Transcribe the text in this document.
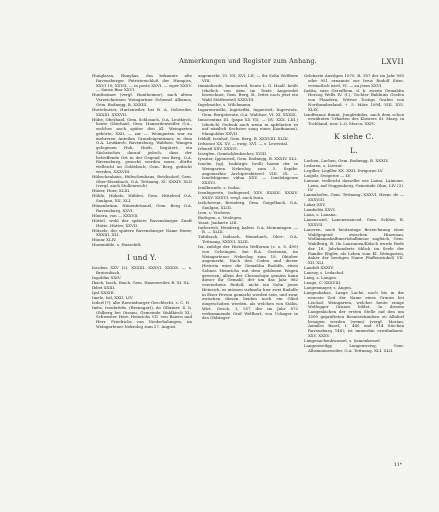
Anmerkungen und Register zum Anhang.	LXVII

Hunglassa, Hunyhas, das bekannte alte Ravensburger Patrizierschloß der Humpiss, XXVI 10; XXVII. — in poste XXVI. — siger XXXV. — Sanse Biar XXVI.

Huntheimer (vergl. Huntheimer), nach altem Verzeichnissen Weingartner Schemel Albanus, Gem. Bodnegg, B. XXXIII.

Hurtelmeier, Hurtenwiler, bei B. A. Gebweiler, XXXIII. XXXVII.

Hübe, Oberhaid, Gem. Schlosach, O.A. Leutkirch, heute Oberhaid, Gem. Hamerdenweiler O.A., welches noch später den Kl. Weingarten gehörte, XXII. — zur —. Weingarten war zu mehreren Anteilen Grundeigentümer, in dem O.A. Leutkirch, Ravensburg, Waldsee, Wangen gelegenen Hub, Hueb, begütert; ein Sächsisches darauf jedoch, dass der betreffende Ort in der Gegend von Berg, O.A. Ravensburg, gesucht werden muss, dürfte vielleicht an Goldebach, Gem. Berg, gedacht werden, XXXVIII.

Hübschenhaus, Hübschenhaus, Reichsdorf, Gem. Ober-Eisenbach, O.A. Tettnang, XI. XXXIV. XLII (vergl. auch Stollenreich).

Hüner, Huer, XLIII.

Hühle, Hühele, Hüblen, Gem. Hittelred O.A. Saulgau, XII. XLI.

Hünenbrünn, Hünenbrünnel, Gem. Berg O.A. Ravensburg, XXVI.

Hünera, von — XXXVII.

Hüttel, wohl der spätere Ravensburger Zunft Hütte, Hütter, XXVII.

Hütsele, der spätere Ravensburger Name Huter, XXXIII. XLI.

Hünnr XLIV.

Hussmüble, s. Hussehilt.

I und Y.

Iacobus XXV (2). XXXIII. XXXVI. XXXIX. — s. Brutenbach.

Ingoldus XXIV.

Ihach, Isach, Ibach, Gem. Hasenweiler, B. XI. XL.

Ibbet XXIII.

Ipsl XXXIII.

Imele, Isil, XXII. LIV.

Isdorf (?), alte Ravensburger Geschlecht, s. C. H.

Imbs, Isenbrëdis, (Brenngart), do Olbriner, 4. h. Ohlberg bei Oisnau, Gemeinde Waldkirch XI.; Schwester Herr. Heinrichs VII. von Baiern und Herr. Friedrichs von Niederhohingen, im Weingartener Nekrolog zum 27. August

angemerkt, VI. VII. XVI. LII; — ihr Sohn Welfhem VIII.

Imminherde, Immenried, heute L. G. HaalI. heißt (ehelich von dem im Texte Angeredet bezeichnet, Gem. Berg, B., leitet noch jetzt ein Wald Stätfesetel) XXXVIII.

Ingelmothe, s. Wilchmann.

Ingarenriedhi, Ingiriedbi, Ingaeried, Ingerwotz, Gem. Bergatreute, O.A. Waldsee, VI. XI. XXXIX.

Innocentius III. (papa XX VII. — (IV. XXX. LIII.) (ehelich) Gedenk auch wenn in apfelarten es auf nämlich Sechster saug eines Kaufmanns), Mangoldus XXVII.

Irbbilf, Isenhof, Gem. Berg, B. XXXVIII. XLIII.

Irdsoncz XX. XV. — ewig. XVI. — s. Lewental.

Irleneil XXV. XXXVI.

Isseglen, Gemüchlenbacher, XVIII.

Iyssitor, Ipponried, Gem. Bodnegg, B. XXXIV. XLI.

Isnelin (sg), Isnbürgis (woll) haene der in Weingarten Nekrolog zum 5. Septbr. angemerkte Archipresbiterel VIII. IX. — Isnelebigeme vidua XXV. — Isnelebigeum XXXVI.

Isnilbrunde, s. Isolas.

Isenbigeerte, Issbigeerd, XXV. XXXIII. XXXIV. XXXV. XXXVI. wegl. auch Isoia.

Iseloherent, Brenderg, Gem. Goigelbach, O.A. Saulgau, XLIII.

Iren, s. Vrebens.

Bodegon, s. Venlegen.

Yasat, Jankarte LIII.

Iurberiwh, Hemberg, kalest. O.A. Memmingen. — B. — XLIII.

Tubilsach, Isidsach, Hemebach, Ober-, O.A. Tettnang, XXXVI. XLIII.

Ita, zufolge der Historia Welforum (s. o. S. 490) von Ochsingen, bei B.A. Gestenen, im Weingartener Nekrolog zum 18. Oktober angemerkt. Nach den Codex und dieser Historia wäre die Gemahlin Rudolfs, eines Sohnes Heinrichs mit dem goldenen Wagen gewesen; allein der Chronologie gemäss kann dieser ihr Gemahl, der um das Jahr 962 verstorbene Rudolf, nicht ein Sohn jenes Heinrich, es müssen vielmehr hier zwei Rudolfe in Eiser Person gemacht worden sein, und zwar zwischen diesen beiden noch ein Glied eingeschoben werden, als welchen von Stälin, Wirt. Gesch. I, 557 der im Jahr 872 verkommende Graf Welfhart, von Uckager in des Ohlsinger

Orleharte Ausslgen 1070, B. 187 der im Jahr 950 oder 951 ernannte zur Irrus Rudolf Sitze, vermutlich wird, VI. — zu jeem XXVI.

Iudita, suse Gereifhem, d. h. zweite Gemahlin Herzog Welfs IV. (I.), Tochter Balduins Grafen von Flandern, Wittwe Tostigs Grafen von Northumberland, † 5. März 1094, VIII. XVI. XLIX.

Iandfranus Bunnt, Jungfridnlos, nach dem schon erwähnten Urkarten des Klosters St. Marg. in Tochliand, usw. L.O. Marca, XXIV.

K siehe C.

L.

Lachen, Lachen, Gem. Bodnegg, B. XXXIV.

Ledaren, s. Lievrat.

Legiller, Legiller XX. XXII. Swigorue LV.

Laigolr, Swigeroe — LV.

Lainsar, vielleicht dasselbe wie Laimi, Laimone, Leim, auf Guggenberg, Gemeinde Ohm, LIV (3). LV.

Lannahofen, Gem. Tettnang, XXXVI. Herm. de — XXXVIII.

Lakar XXV.

Lambelöx XXVI.

Lana, s. Lanana.

Lanenswiel, Lanenswanced, Gem. Schlier, B. XXXVII.

Laneren, noch heutzutage Bezeichnung einer Waldgegend zwischen Hinzenau, Wollmannshalbmertzhalbmoor zugleich, Gem. Waldburg, B. (In Lauranien/Kölsch wurde Rede der 16. Jahrhunderts üblich im Seele der Familie Pfigler, als Leben vom Kl. Weingarten, daher der heutigen Name Pfaffenwinkel) VII. XII. XLI.

Landolt XXXIV.

Lanezy, s. Ledachof.

Lang, s. Langen.

Lange, C. XXXVIII.

Langenmayer, s. Ángen.

Langenhahse, Lange Lache, noch bis in die neueste Zeit der Name eines Grunes bei Leichof, Weingarten, welcher heute einige Wolfegger Grunes bildet. In diesem Langenlachen der ersten Stelle auf den um 1500 geprüfteten Besatzerkindern zu Albdorf besagen werden (wenn) (vergl. Marian, Annales Basel, I. 440 und 914 Stechen Ravensburg 148); ist immerhin erwähnbarst. XXV. XXXV.

Langenachenkwassel, s. Samenkessel.

Langenweilgy, Langenweisg, Gem. Albsmannsweiler, O.A. Tettnang, XLI. XLII.

11*
